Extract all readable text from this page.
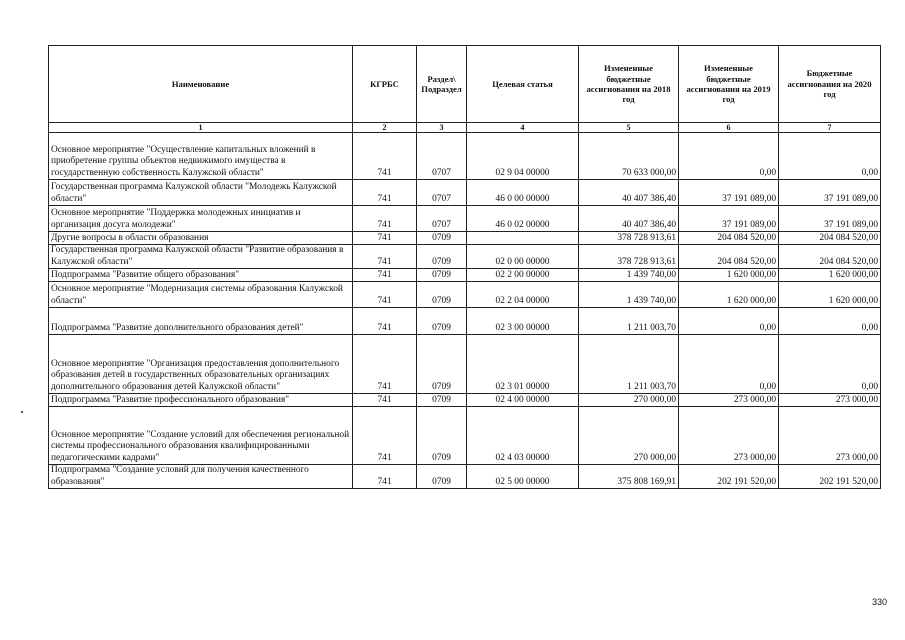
Наименование	КГРБС	Раздел\ Подраздел	Целевая статья	Измененные бюджетные ассигнования на 2018 год	Измененные бюджетные ассигнования на 2019 год	Бюджетные ассигнования на 2020 год
1	2	3	4	5	6	7
Основное мероприятие "Осуществление капитальных вложений в приобретение группы объектов недвижимого имущества в государственную собственность Калужской области"	741	0707	02 9 04 00000	70 633 000,00	0,00	0,00
Государственная программа Калужской области "Молодежь Калужской области"	741	0707	46 0 00 00000	40 407 386,40	37 191 089,00	37 191 089,00
Основное мероприятие "Поддержка молодежных инициатив и организация досуга молодежи"	741	0707	46 0 02 00000	40 407 386,40	37 191 089,00	37 191 089,00
Другие вопросы в области образования	741	0709		378 728 913,61	204 084 520,00	204 084 520,00
Государственная программа Калужской области "Развитие образования в Калужской области"	741	0709	02 0 00 00000	378 728 913,61	204 084 520,00	204 084 520,00
Подпрограмма "Развитие общего образования"	741	0709	02 2 00 00000	1 439 740,00	1 620 000,00	1 620 000,00
Основное мероприятие "Модернизация системы образования Калужской области"	741	0709	02 2 04 00000	1 439 740,00	1 620 000,00	1 620 000,00
Подпрограмма "Развитие дополнительного образования детей"	741	0709	02 3 00 00000	1 211 003,70	0,00	0,00
Основное мероприятие "Организация предоставления дополнительного образования детей в государственных образовательных организациях дополнительного образования детей Калужской области"	741	0709	02 3 01 00000	1 211 003,70	0,00	0,00
Подпрограмма "Развитие профессионального образования"	741	0709	02 4 00 00000	270 000,00	273 000,00	273 000,00
Основное мероприятие "Создание условий для обеспечения региональной системы профессионального образования квалифицированными педагогическими кадрами"	741	0709	02 4 03 00000	270 000,00	273 000,00	273 000,00
Подпрограмма "Создание условий для получения качественного образования"	741	0709	02 5 00 00000	375 808 169,91	202 191 520,00	202 191 520,00
330
